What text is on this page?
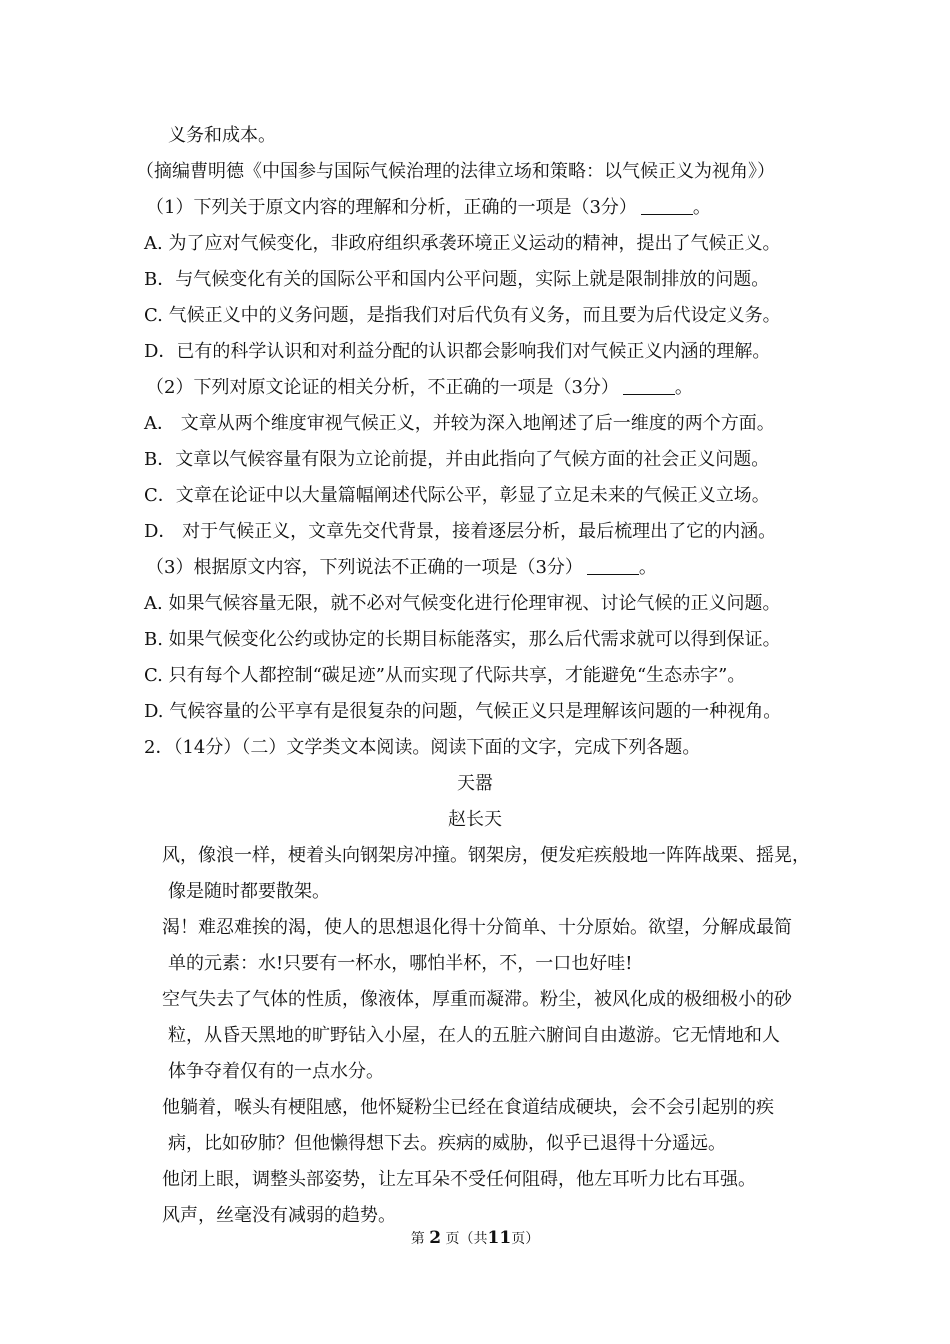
义务和成本。
（摘编曹明德《中国参与国际气候治理的法律立场和策略：以气候正义为视角》）
（1）下列关于原文内容的理解和分析，正确的一项是（3分）	。
A. 为了应对气候变化，非政府组织承袭环境正义运动的精神，提出了气候正义。
B．与气候变化有关的国际公平和国内公平问题，实际上就是限制排放的问题。
C. 气候正义中的义务问题，是指我们对后代负有义务，而且要为后代设定义务。
D．已有的科学认识和对利益分配的认识都会影响我们对气候正义内涵的理解。
（2）下列对原文论证的相关分析，不正确的一项是（3分）	。
A． 文章从两个维度审视气候正义，并较为深入地阐述了后一维度的两个方面。
B．文章以气候容量有限为立论前提，并由此指向了气候方面的社会正义问题。
C．文章在论证中以大量篇幅阐述代际公平，彰显了立足未来的气候正义立场。
D． 对于气候正义，文章先交代背景，接着逐层分析，最后梳理出了它的内涵。
（3）根据原文内容，下列说法不正确的一项是（3分）	。
A. 如果气候容量无限，就不必对气候变化进行伦理审视、讨论气候的正义问题。
B. 如果气候变化公约或协定的长期目标能落实，那么后代需求就可以得到保证。
C. 只有每个人都控制“碳足迹”从而实现了代际共享，才能避免“生态赤字”。
D. 气候容量的公平享有是很复杂的问题，气候正义只是理解该问题的一种视角。
2．（14分）（二）文学类文本阅读。阅读下面的文字，完成下列各题。
天嚣
赵长天
风，像浪一样，梗着头向钢架房冲撞。钢架房，便发疟疾般地一阵阵战栗、摇晃，
像是随时都要散架。
渴！难忍难挨的渴，使人的思想退化得十分简单、十分原始。欲望，分解成最简
单的元素：水!只要有一杯水，哪怕半杯，不，一口也好哇!
空气失去了气体的性质，像液体，厚重而凝滞。粉尘，被风化成的极细极小的砂
粒，从昏天黑地的旷野钻入小屋，在人的五脏六腑间自由遨游。它无情地和人
体争夺着仅有的一点水分。
他躺着，喉头有梗阻感，他怀疑粉尘已经在食道结成硬块，会不会引起别的疾
病，比如矽肺？但他懒得想下去。疾病的威胁，似乎已退得十分遥远。
他闭上眼，调整头部姿势，让左耳朵不受任何阻碍，他左耳听力比右耳强。
风声，丝毫没有减弱的趋势。
第 2 页（共11页）
